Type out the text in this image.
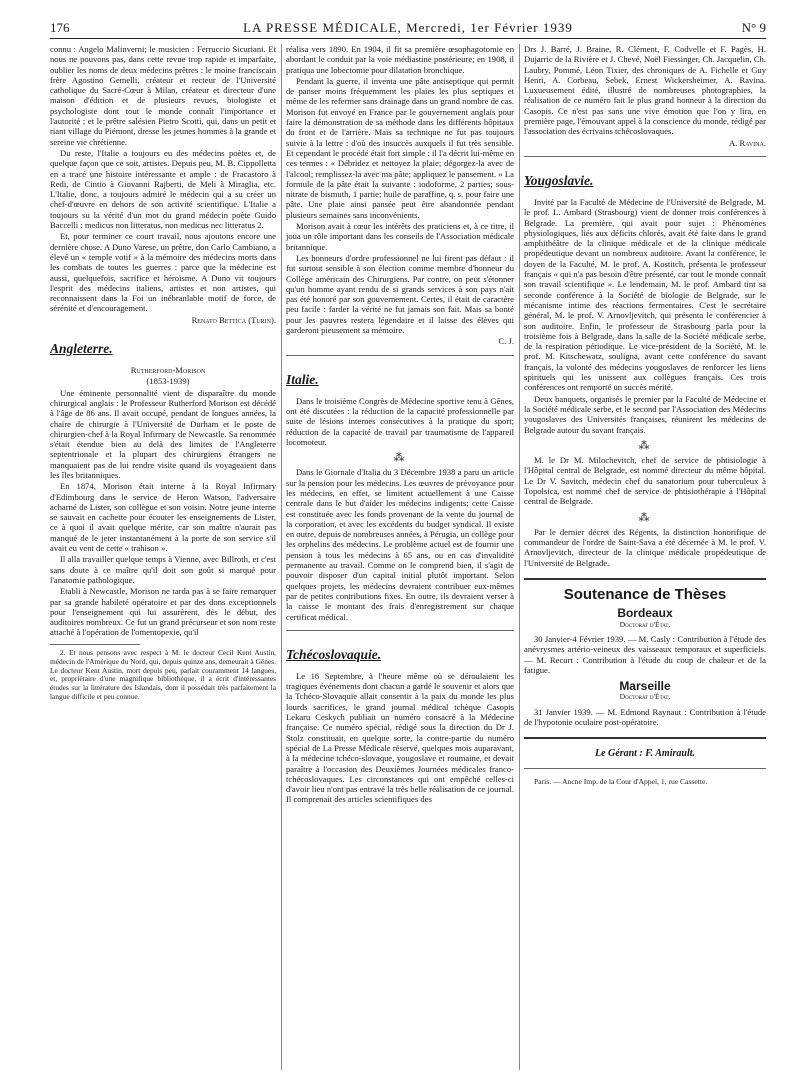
176	LA PRESSE MÉDICALE, Mercredi, 1er Février 1939	N° 9

connu : Angelo Malinverni; le musicien : Ferruccio Sicuriani. Et nous ne pouvons pas, dans cette revue trop rapide et imparfaite, oublier les noms de deux médecins prêtres : le moine franciscain frère Agostino Gemelli, créateur et recteur de l'Université catholique du Sacré-Cœur à Milan, créateur et directeur d'une maison d'édition et de plusieurs revues, biologiste et psychologiste dont tout le monde connaît l'importance et l'autorité ; et le prêtre salésien Pietro Scotti, qui, dans un petit et riant village du Piémont, dresse les jeunes hommes à la grande et sereine vie chrétienne.

Du reste, l'Italie a toujours eu des médecins poètes et, de quelque façon que ce soit, artistes. Depuis peu, M. B. Cippolletta en a tracé une histoire intéressante et ample : de Fracastoro à Redi, de Cintio à Giovanni Rajberti, de Meli à Miraglia, etc. L'Italie, donc, a toujours admiré le médecin qui a su créer un chef-d'œuvre en dehors de son activité scientifique. L'Italie a toujours su la vérité d'un mot du grand médecin poète Guido Baccelli : medicus non litteratus, non medicus nec litteratus 2.

Et, pour terminer ce court travail, nous ajoutons encore une dernière chose. A Duno Varese, un prêtre, don Carlo Cambiano, a élevé un « temple votif » à la mémoire des médecins morts dans les combats de toutes les guerres : parce que la médecine est aussi, quelquefois, sacrifice et héroïsme. A Duno vit toujours l'esprit des médecins italiens, artistes et non artistes, qui reconnaissent dans la Foi un inébranlable motif de force, de sérénité et d'encouragement.

Renato Bettica (Turin).

Angleterre.

Rutherford-Morison

(1853-1939)

Une éminente personnalité vient de disparaître du monde chirurgical anglais : le Professeur Rutherford Morison est décédé à l'âge de 86 ans. Il avait occupé, pendant de longues années, la chaire de chirurgie à l'Université de Durham et le poste de chirurgien-chef à la Royal Infirmary de Newcastle. Sa renommée s'était étendue bien au delà des limites de l'Angleterre septentrionale et la plupart des chirurgiens étrangers ne manquaient pas de lui rendre visite quand ils voyageaient dans les îles britanniques.

En 1874, Morison était interne à la Royal Infirmary d'Edimbourg dans le service de Heron Watson, l'adversaire acharné de Lister, son collègue et son voisin. Notre jeune interne se sauvait en cachette pour écouter les enseignements de Lister, ce à quoi il avait quelque mérite, car son maître n'aurait pas manqué de le jeter instantanément à la porte de son service s'il avait eu vent de cette « trahison ».

Il alla travailler quelque temps à Vienne, avec Billroth, et c'est sans doute à ce maître qu'il doit son goût si marqué pour l'anatomie pathologique.

Etabli à Newcastle, Morison ne tarda pas à se faire remarquer par sa grande habileté opératoire et par des dons exceptionnels pour l'enseignement qui lui assurèrent, dès le début, des auditoires nombreux. Ce fut un grand précurseur et son nom reste attaché à l'opération de l'omentopexie, qu'il

2. Et nous pensons avec respect à M. le docteur Cecil Kent Austin, médecin de l'Amérique du Nord, qui, depuis quinze ans, demeurait à Gênes. Le docteur Kent Austin, mort depuis peu, parlait couramment 14 langues, et, propriétaire d'une magnifique bibliothèque, il a écrit d'intéressantes études sur la littérature des Islandais, dont il possédait très parfaitement la langue difficile et peu connue.

réalisa vers 1890. En 1904, il fit sa première œsophagotomie en abordant le conduit par la voie médiastine postérieure; en 1908, il pratiqua une lobectomie pour dilatation bronchique.

Pendant la guerre, il inventa une pâte antiseptique qui permit de panser moins fréquemment les plaies les plus septiques et même de les refermer sans drainage dans un grand nombre de cas. Morison fut envoyé en France par le gouvernement anglais pour faire la démonstration de sa méthode dans les différents hôpitaux du front et de l'arrière. Mais sa technique ne fut pas toujours suivie à la lettre : d'où des insuccès auxquels il fut très sensible. Et cependant le procédé était fort simple : il l'a décrit lui-même en ces termes : « Débridez et nettoyez la plaie; dégorgez-la avec de l'alcool; remplissez-la avec ma pâte; appliquez le pansement. » La formule de la pâte était la suivante : iodoforme, 2 parties; sous-nitrate de bismuth, 1 partie; huile de paraffine, q. s. pour faire une pâte. Une plaie ainsi pansée peut être abandonnée pendant plusieurs semaines sans inconvénients.

Morison avait à cœur les intérêts des praticiens et, à ce titre, il joua un rôle important dans les conseils de l'Association médicale britannique.

Les honneurs d'ordre professionnel ne lui firent pas défaut : il fut surtout sensible à son élection comme membre d'honneur du Collège américain des Chirurgiens. Par contre, on peut s'étonner qu'un homme ayant rendu de si grands services à son pays n'ait pas été honoré par son gouvernement. Certes, il était de caractère peu facile : farder la vérité ne fut jamais son fait. Mais sa bonté pour les pauvres restera légendaire et il laisse des élèves qui garderont pieusement sa mémoire.

C. J.

Italie.

Dans le troisième Congrès de Médecine sportive tenu à Gênes, ont été discutées : la réduction de la capacité professionnelle par suite de lésions internes consécutives à la pratique du sport; réduction de la capacité de travail par traumatisme de l'appareil locomoteur.

⁂

Dans le Giornale d'Italia du 3 Décembre 1938 a paru un article sur la pension pour les médecins. Les œuvres de prévoyance pour les médecins, en effet, se limitent actuellement à une Caisse centrale dans le but d'aider les médecins indigents; cette Caisse est constituée avec les fonds provenant de la vente du journal de la corporation, et avec les excédents du budget syndical. Il existe en outre, depuis de nombreuses années, à Pérugia, un collège pour les orphelins des médecins. Le problème actuel est de fournir une pension à tous les médecins à 65 ans, ou en cas d'invalidité permanente au travail. Comme on le comprend bien, il s'agit de pouvoir disposer d'un capital initial plutôt important. Selon quelques projets, les médecins devraient contribuer eux-mêmes par de petites contributions fixes. En outre, ils devraient verser à la caisse le montant des frais d'enregistrement sur chaque certificat médical.

Tchécoslovaquie.

Le 16 Septembre, à l'heure même où se déroulaient les tragiques événements dont chacun a gardé le souvenir et alors que la Tchéco-Slovaquie allait consentir à la paix du monde les plus lourds sacrifices, le grand journal médical tchèque Casopis Lekaru Ceskych publiait un numéro consacré à la Médecine française. Ce numéro spécial, rédigé sous la direction du Dr J. Stolz constituait, en quelque sorte, la contre-partie du numéro spécial de La Presse Médicale réservé, quelques mois auparavant, à la médecine tchéco-slovaque, yougoslave et roumaine, et devait paraître à l'occasion des Deuxièmes Journées médicales franco-tchécoslovaques. Les circonstances qui ont empêché celles-ci d'avoir lieu n'ont pas entravé la très belle réalisation de ce journal. Il comprenait des articles scientifiques des

Drs J. Barré, J. Braine, R. Clément, F. Codvelle et F. Pagès, H. Dujarric de la Rivière et J. Chevé, Noël Fiessinger, Ch. Jacquelin, Ch. Laubry, Pommé, Léon Tixier, des chroniques de A. Fichelle et Guy Henri, A. Corbeau, Sebek, Ernest Wickersheimer, A. Ravina. Luxueusement édité, illustré de nombreuses photographies, la réalisation de ce numéro fait le plus grand honneur à la direction du Casopis. Ce n'est pas sans une vive émotion que l'on y lira, en première page, l'émouvant appel à la conscience du monde, rédigé par l'association des écrivains tchécoslovaques.

A. Ravina.

Yougoslavie.

Invité par la Faculté de Médecine de l'Université de Belgrade, M. le prof. L. Ambard (Strasbourg) vient de donner trois conférences à Belgrade. La première, qui avait pour sujet : Phénomènes physiologiques, liés aux déficits chlorés, avait été faite dans le grand amphithéâtre de la clinique médicale et de la clinique médicale propédeutique devant un nombreux auditoire. Avant la conférence, le doyen de la Faculté, M. le prof. A. Kostitch, présenta le professeur français « qui n'a pas besoin d'être présenté, car tout le monde connaît son travail scientifique ». Le lendemain, M. le prof. Ambard tint sa seconde conférence à la Société de biologie de Belgrade, sur le mécanisme intime des réactions fermentaires. C'est le secrétaire général, M. le prof. V. Arnovljevitch, qui présenta le conférencier à son auditoire. Enfin, le professeur de Strasbourg parla pour la troisième fois à Belgrade, dans la salle de la Société médicale serbe, de la respiration périodique. Le vice-président de la Société, M. le prof. M. Kitschewatz, souligna, avant cette conférence du savant français, la volonté des médecins yougoslaves de renforcer les liens spirituels qui les unissent aux collègues français. Ces trois conférences ont remporté un succès mérité.

Deux banquets, organisés le premier par la Faculté de Médecine et la Société médicale serbe, et le second par l'Association des Médecins yougoslaves des Universités françaises, réunirent les médecins de Belgrade autour du savant français.

⁂

M. le Dr M. Milochevitch, chef de service de phtisiologie à l'Hôpital central de Belgrade, est nommé directeur du même hôpital. Le Dr V. Savitch, médecin chef du sanatorium pour tuberculeux à Topolsica, est nommé chef de service de phtisiothérapie à l'Hôpital central de Belgrade.

⁂

Par le dernier décret des Régents, la distinction honorifique de commandeur de l'ordre de Saint-Sava a été décernée à M. le prof. V. Arnovljevitch, directeur de la clinique médicale propédeutique de l'Université de Belgrade.

Soutenance de Thèses
Bordeaux
Doctorat d'État.

30 Janvier-4 Février 1939. — M. Casly : Contribution à l'étude des anévrysmes artério-veineux des vaisseaux temporaux et superficiels. — M. Recurt : Contribution à l'étude du coup de chaleur et de la fatigue.

Marseille
Doctorat d'État.

31 Janvier 1939. — M. Edmond Raynaut : Contribution à l'étude de l'hypotonie oculaire post-opératoire.

Le Gérant : F. Amirault.

Paris. — Ancne Imp. de la Cour d'Appel, 1, rue Cassette.
